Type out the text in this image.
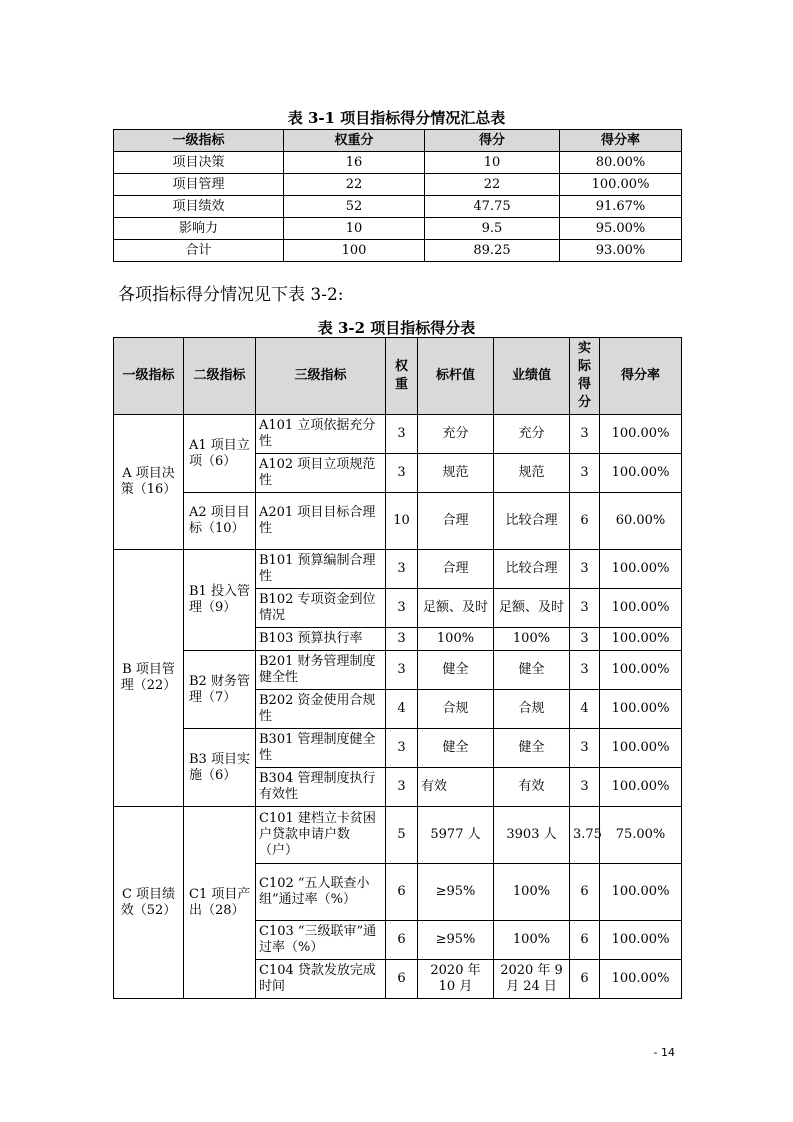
表 3-1 项目指标得分情况汇总表
一级指标	权重分	得分	得分率
项目决策	16	10	80.00%
项目管理	22	22	100.00%
项目绩效	52	47.75	91.67%
影响力	10	9.5	95.00%
合计	100	89.25	93.00%
各项指标得分情况见下表 3-2:
表 3-2 项目指标得分表
一级指标	二级指标	三级指标	权重	标杆值	业绩值	实际得分	得分率
A 项目决策（16）	A1 项目立项（6）	A101 立项依据充分性	3	充分	充分	3	100.00%
		A102 项目立项规范性	3	规范	规范	3	100.00%
	A2 项目目标（10）	A201 项目目标合理性	10	合理	比较合理	6	60.00%
B 项目管理（22）	B1 投入管理（9）	B101 预算编制合理性	3	合理	比较合理	3	100.00%
		B102 专项资金到位情况	3	足额、及时	足额、及时	3	100.00%
		B103 预算执行率	3	100%	100%	3	100.00%
	B2 财务管理（7）	B201 财务管理制度健全性	3	健全	健全	3	100.00%
		B202 资金使用合规性	4	合规	合规	4	100.00%
	B3 项目实施（6）	B301 管理制度健全性	3	健全	健全	3	100.00%
		B304 管理制度执行有效性	3	有效	有效	3	100.00%
C 项目绩效（52）	C1 项目产出（28）	C101 建档立卡贫困户贷款申请户数（户）	5	5977 人	3903 人	3.75	75.00%
		C102 “五人联查小组”通过率（%）	6	≥95%	100%	6	100.00%
		C103 “三级联审”通过率（%）	6	≥95%	100%	6	100.00%
		C104 贷款发放完成时间	6	2020 年 10 月	2020 年 9 月 24 日	6	100.00%
- 14
